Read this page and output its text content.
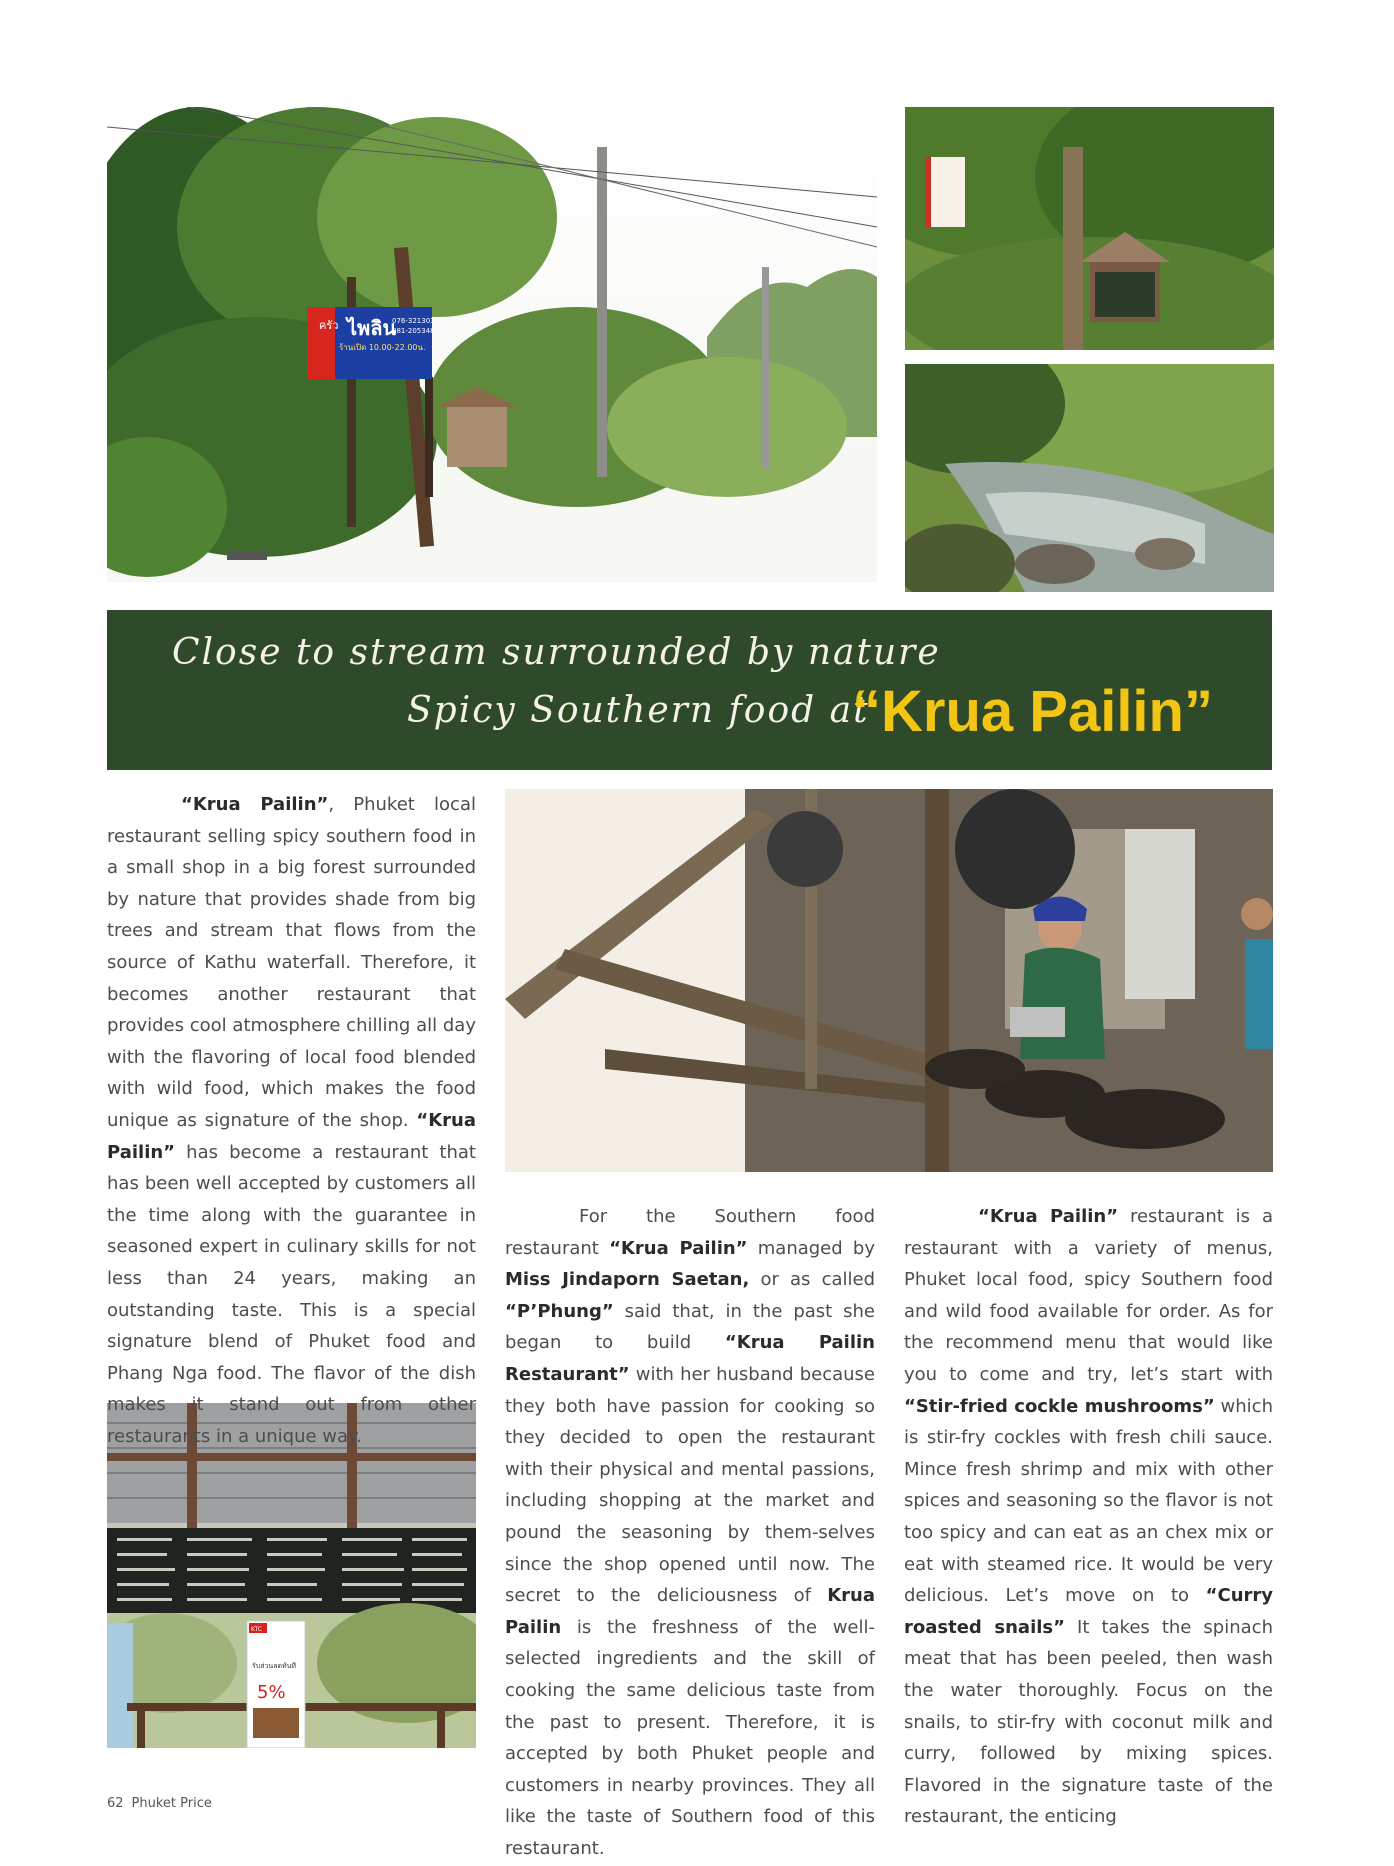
ครัว ไพลิน
076-321303
081-2053481
ร้านเปิด 10.00-22.00น.
Close to stream surrounded by nature
Spicy Southern food at
“Krua Pailin”
KTC
รับส่วนลดทันที
5%

“Krua Pailin”, Phuket local restaurant selling spicy southern food in a small shop in a big forest surrounded by nature that provides shade from big trees and stream that flows from the source of Kathu waterfall. Therefore, it becomes another restaurant that provides cool atmosphere chilling all day with the flavoring of local food blended with wild food, which makes the food unique as signature of the shop. “Krua Pailin” has become a restaurant that has been well accepted by customers all the time along with the guarantee in seasoned expert in culinary skills for not less than 24 years, making an outstanding taste. This is a special signature blend of Phuket food and Phang Nga food. The flavor of the dish makes it stand out from other restaurants in a unique way.

For the Southern food restaurant “Krua Pailin” managed by Miss Jindaporn Saetan, or as called “P’Phung” said that, in the past she began to build “Krua Pailin Restaurant” with her husband because they both have passion for cooking so they decided to open the restaurant with their physical and mental passions, including shopping at the market and pound the seasoning by them-selves since the shop opened until now. The secret to the deliciousness of Krua Pailin is the freshness of the well-selected ingredients and the skill of cooking the same delicious taste from the past to present. Therefore, it is accepted by both Phuket people and customers in nearby provinces. They all like the taste of Southern food of this restaurant.

“Krua Pailin” restaurant is a restaurant with a variety of menus, Phuket local food, spicy Southern food and wild food available for order. As for the recommend menu that would like you to come and try, let’s start with “Stir-fried cockle mushrooms” which is stir-fry cockles with fresh chili sauce. Mince fresh shrimp and mix with other spices and seasoning so the flavor is not too spicy and can eat as an chex mix or eat with steamed rice. It would be very delicious. Let’s move on to “Curry roasted snails” It takes the spinach meat that has been peeled, then wash the water thoroughly. Focus on the snails, to stir-fry with coconut milk and curry, followed by mixing spices. Flavored in the signature taste of the restaurant, the enticing

62 Phuket Price
